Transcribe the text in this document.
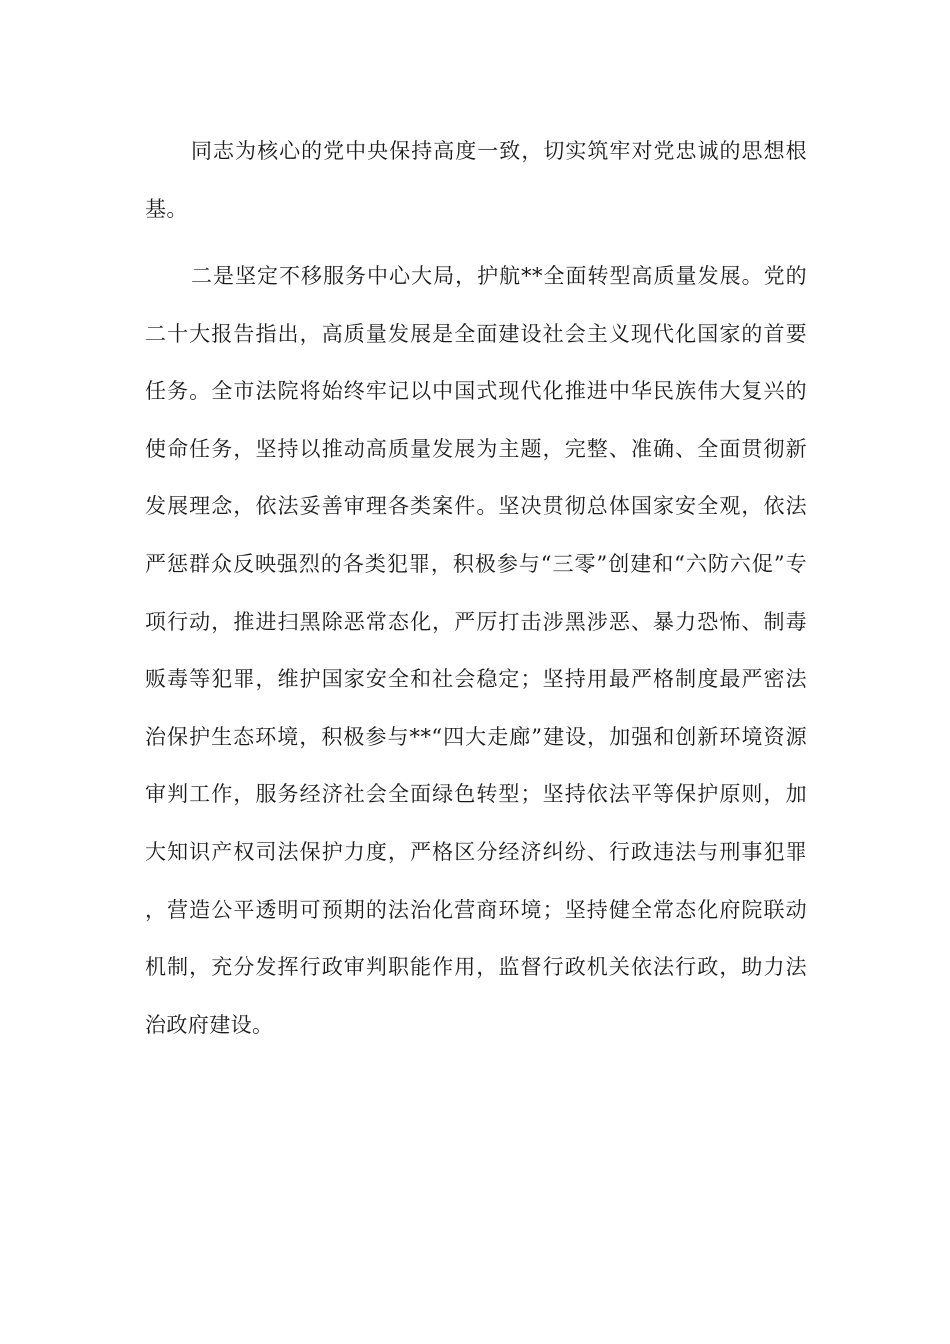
同志为核心的党中央保持高度一致，切实筑牢对党忠诚的思想根基。

二是坚定不移服务中心大局，护航**全面转型高质量发展。党的二十大报告指出，高质量发展是全面建设社会主义现代化国家的首要任务。全市法院将始终牢记以中国式现代化推进中华民族伟大复兴的使命任务，坚持以推动高质量发展为主题，完整、准确、全面贯彻新发展理念，依法妥善审理各类案件。坚决贯彻总体国家安全观，依法严惩群众反映强烈的各类犯罪，积极参与“三零”创建和“六防六促”专项行动，推进扫黑除恶常态化，严厉打击涉黑涉恶、暴力恐怖、制毒贩毒等犯罪，维护国家安全和社会稳定；坚持用最严格制度最严密法治保护生态环境，积极参与**“四大走廊”建设，加强和创新环境资源审判工作，服务经济社会全面绿色转型；坚持依法平等保护原则，加大知识产权司法保护力度，严格区分经济纠纷、行政违法与刑事犯罪，营造公平透明可预期的法治化营商环境；坚持健全常态化府院联动机制，充分发挥行政审判职能作用，监督行政机关依法行政，助力法治政府建设。
